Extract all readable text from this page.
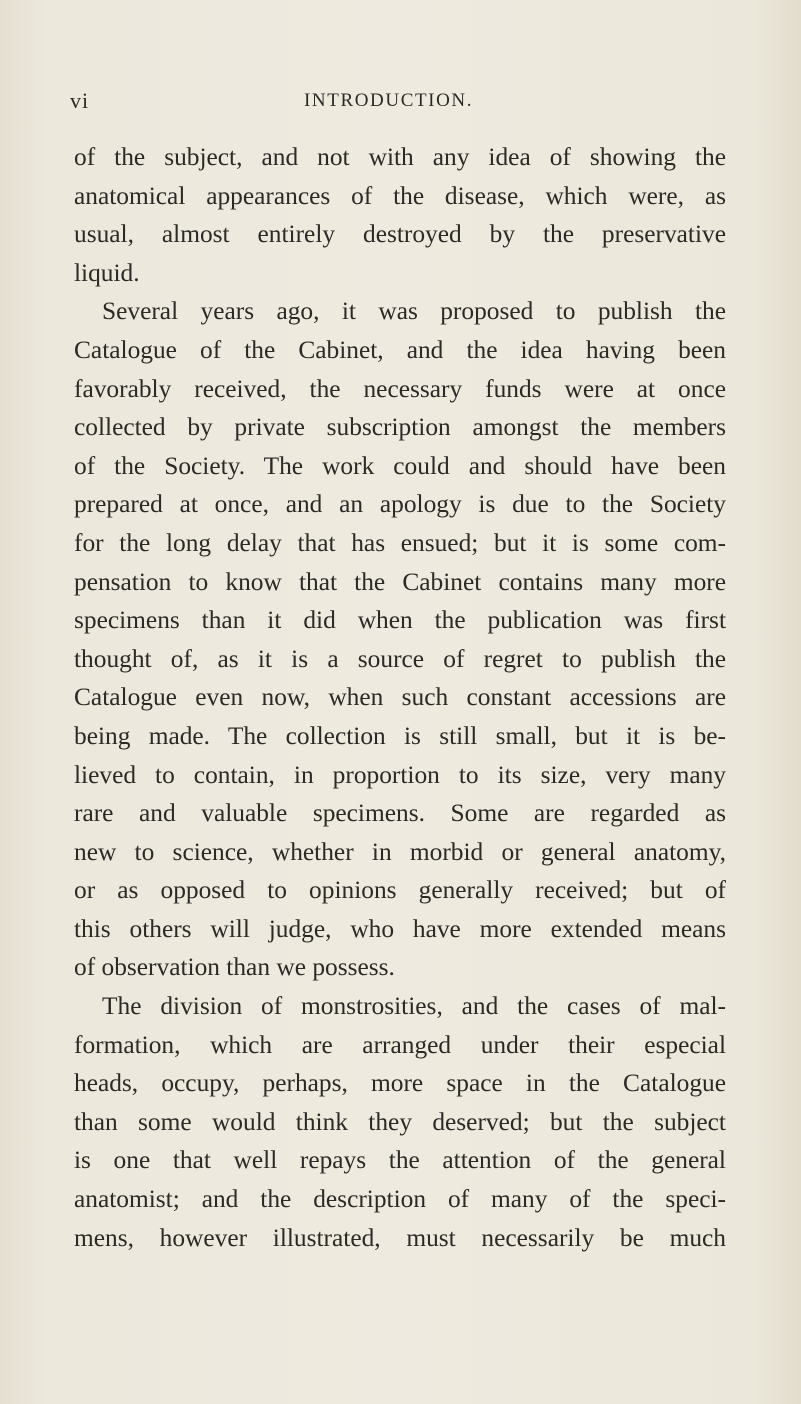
vi	INTRODUCTION.
of the subject, and not with any idea of showing the
anatomical appearances of the disease, which were, as
usual, almost entirely destroyed by the preservative
liquid.
Several years ago, it was proposed to publish the
Catalogue of the Cabinet, and the idea having been
favorably received, the necessary funds were at once
collected by private subscription amongst the members
of the Society. The work could and should have been
prepared at once, and an apology is due to the Society
for the long delay that has ensued; but it is some com-
pensation to know that the Cabinet contains many more
specimens than it did when the publication was first
thought of, as it is a source of regret to publish the
Catalogue even now, when such constant accessions are
being made. The collection is still small, but it is be-
lieved to contain, in proportion to its size, very many
rare and valuable specimens. Some are regarded as
new to science, whether in morbid or general anatomy,
or as opposed to opinions generally received; but of
this others will judge, who have more extended means
of observation than we possess.
The division of monstrosities, and the cases of mal-
formation, which are arranged under their especial
heads, occupy, perhaps, more space in the Catalogue
than some would think they deserved; but the subject
is one that well repays the attention of the general
anatomist; and the description of many of the speci-
mens, however illustrated, must necessarily be much
